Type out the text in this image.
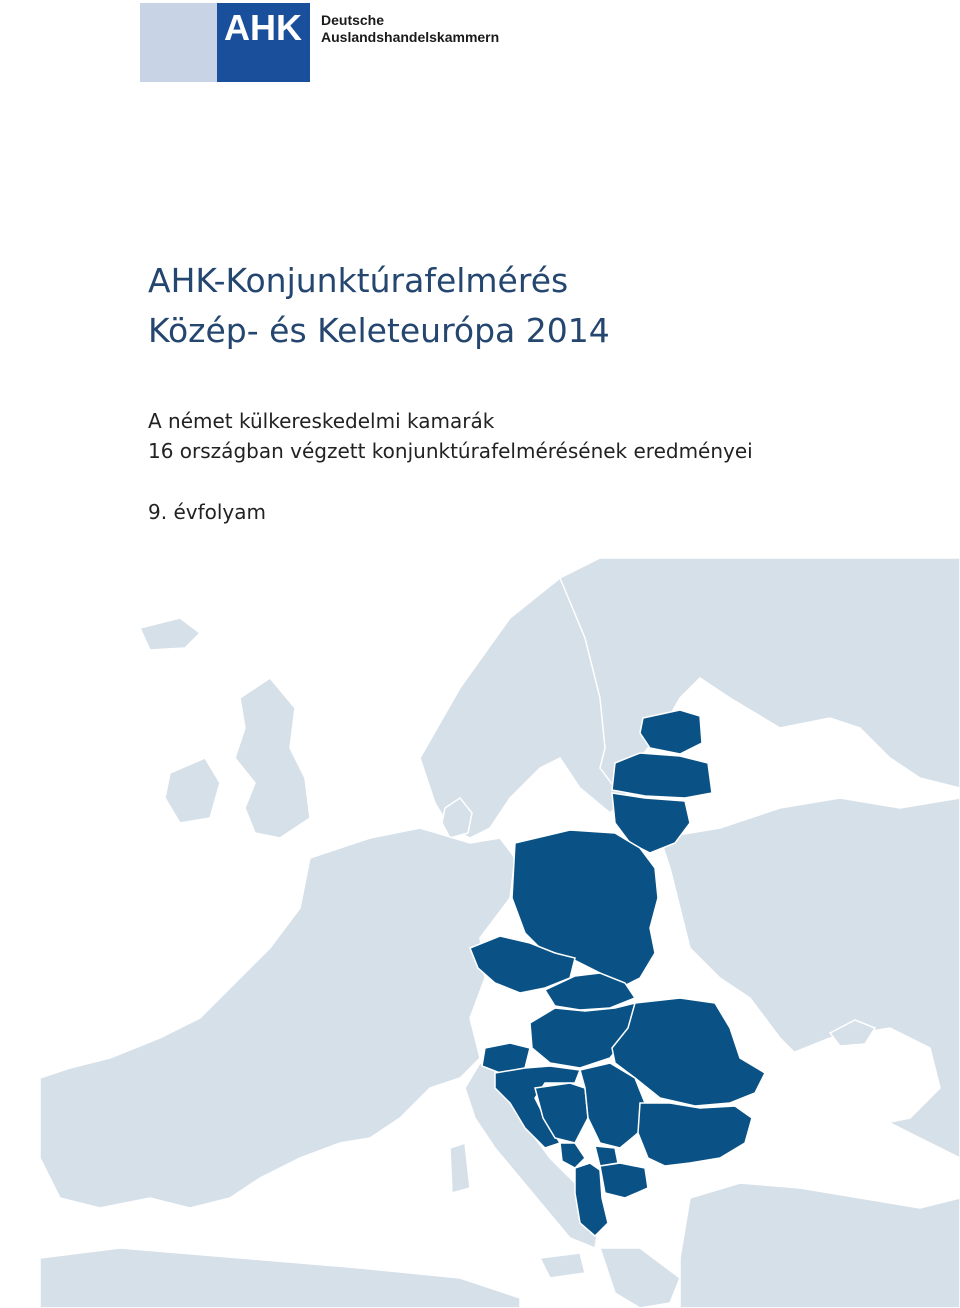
AHK Deutsche
Auslandshandelskammern
AHK-Konjunktúrafelmérés
Közép- és Keleteurópa 2014
A német külkereskedelmi kamarák
16 országban végzett konjunktúrafelmérésének eredményei
9. évfolyam
